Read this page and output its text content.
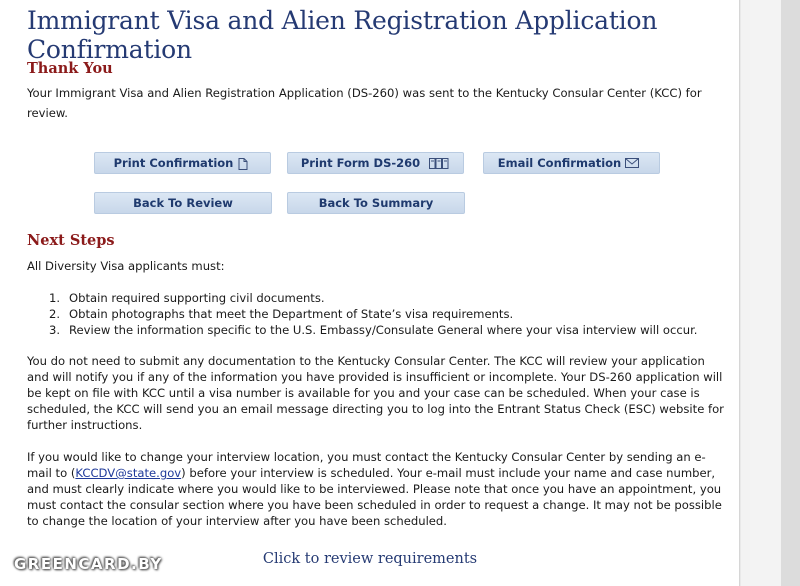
Immigrant Visa and Alien Registration Application Confirmation
Thank You
Your Immigrant Visa and Alien Registration Application (DS-260) was sent to the Kentucky Consular Center (KCC) for review.
Print Confirmation	Print Form DS-260	Email Confirmation
Back To Review	Back To Summary
Next Steps
All Diversity Visa applicants must:
1. Obtain required supporting civil documents.
2. Obtain photographs that meet the Department of State’s visa requirements.
3. Review the information specific to the U.S. Embassy/Consulate General where your visa interview will occur.
You do not need to submit any documentation to the Kentucky Consular Center. The KCC will review your application and will notify you if any of the information you have provided is insufficient or incomplete. Your DS-260 application will be kept on file with KCC until a visa number is available for you and your case can be scheduled. When your case is scheduled, the KCC will send you an email message directing you to log into the Entrant Status Check (ESC) website for further instructions.
If you would like to change your interview location, you must contact the Kentucky Consular Center by sending an e-mail to (KCCDV@state.gov) before your interview is scheduled. Your e-mail must include your name and case number, and must clearly indicate where you would like to be interviewed. Please note that once you have an appointment, you must contact the consular section where you have been scheduled in order to request a change. It may not be possible to change the location of your interview after you have been scheduled.
Click to review requirements
GREENCARD.BY
